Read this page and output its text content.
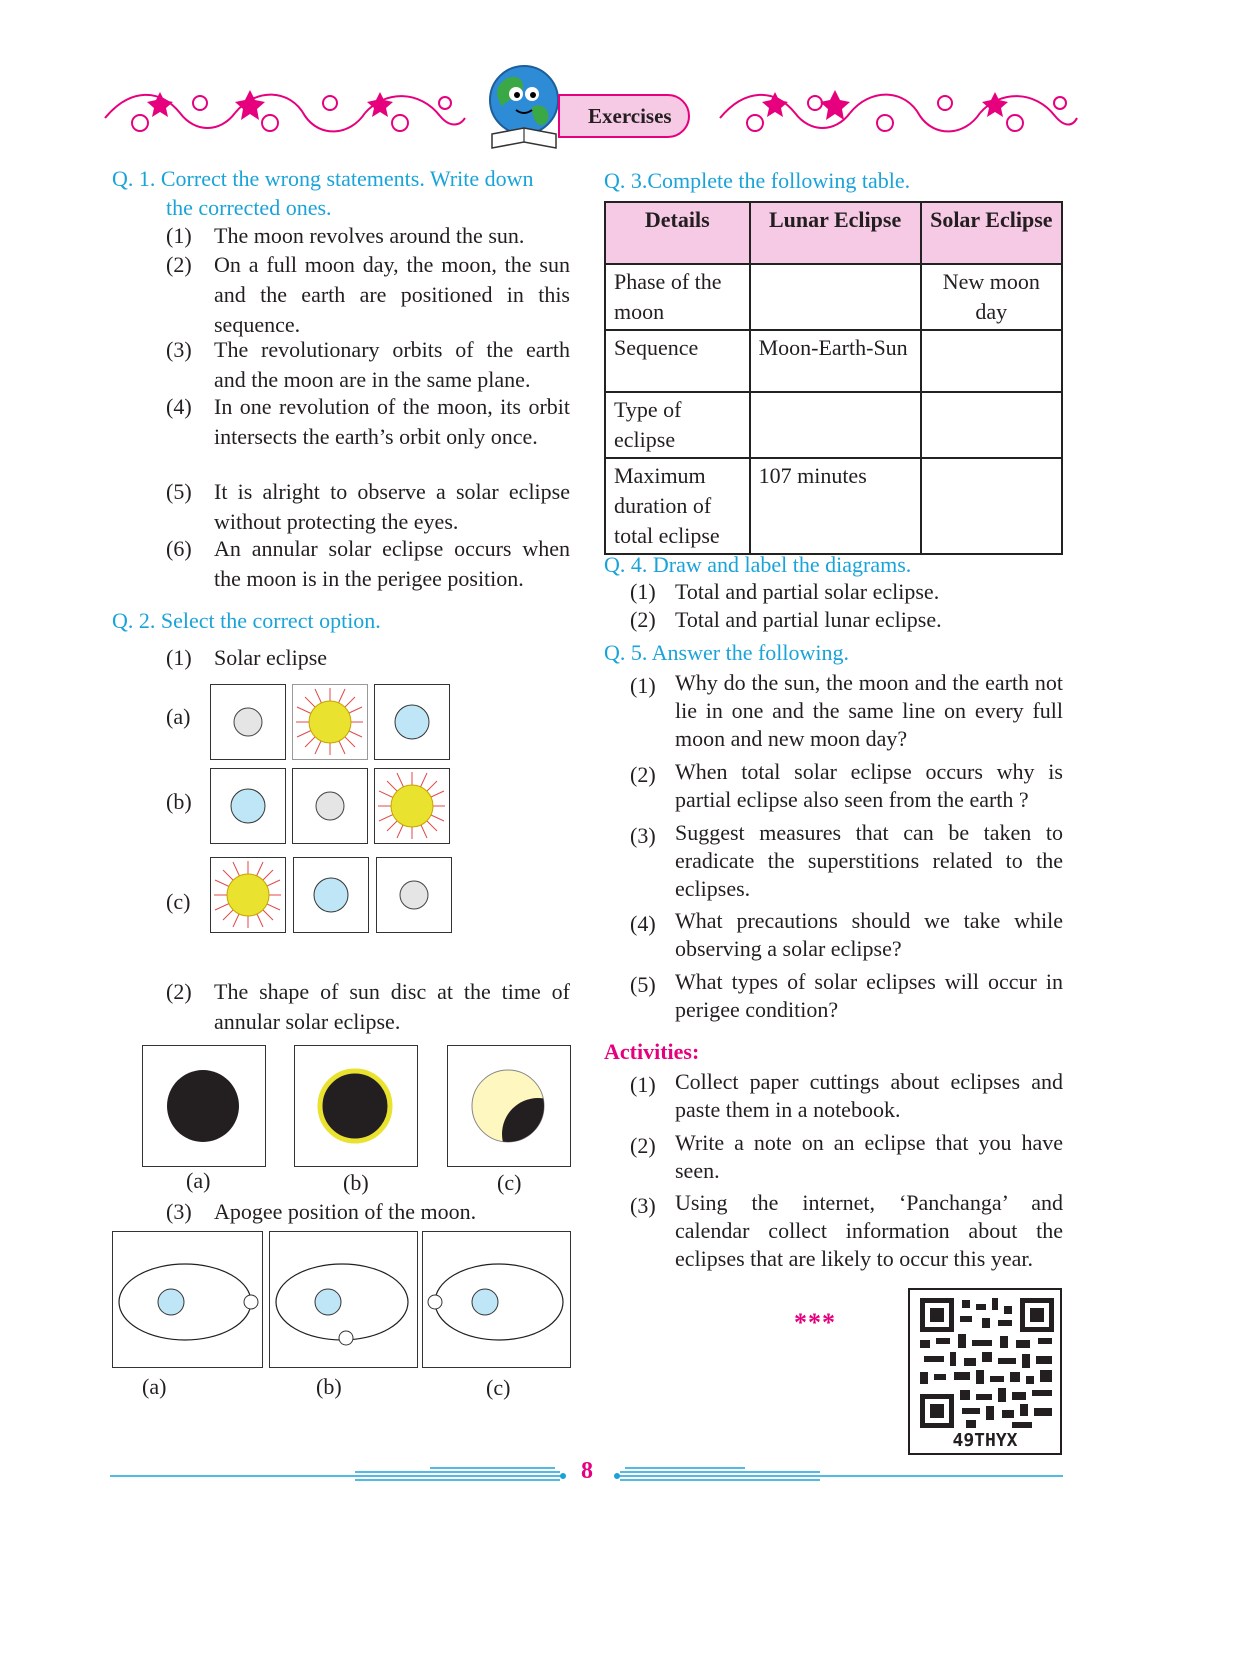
Exercises
Q. 1. Correct the wrong statements. Write down
the corrected ones.
(1) The moon revolves around the sun.
(2) On a full moon day, the moon, the sun and the earth are positioned in this sequence.
(3) The revolutionary orbits of the earth and the moon are in the same plane.
(4) In one revolution of the moon, its orbit intersects the earth’s orbit only once.
(5) It is alright to observe a solar eclipse without protecting the eyes.
(6) An annular solar eclipse occurs when the moon is in the perigee position.
Q. 2. Select the correct option.
(1) Solar eclipse
(a)
(b)
(c)
(2) The shape of sun disc at the time of annular solar eclipse.
(a)	(b)	(c)
(3) Apogee position of the moon.
(a)	(b)	(c)
Q. 3.Complete the following table.
Details	Lunar Eclipse	Solar Eclipse
Phase of the moon		New moon day
Sequence	Moon-Earth-Sun	
Type of eclipse		
Maximum duration of total eclipse	107 minutes	
Q. 4. Draw and label the diagrams.
(1) Total and partial solar eclipse.
(2) Total and partial lunar eclipse.
Q. 5. Answer the following.
(1) Why do the sun, the moon and the earth not lie in one and the same line on every full moon and new moon day?
(2) When total solar eclipse occurs why is partial eclipse also seen from the earth ?
(3) Suggest measures that can be taken to eradicate the superstitions related to the eclipses.
(4) What precautions should we take while observing a solar eclipse?
(5) What types of solar eclipses will occur in perigee condition?
Activities:
(1) Collect paper cuttings about eclipses and paste them in a notebook.
(2) Write a note on an eclipse that you have seen.
(3) Using the internet, ‘Panchanga’ and calendar collect information about the eclipses that are likely to occur this year.
***
49THYX
8
